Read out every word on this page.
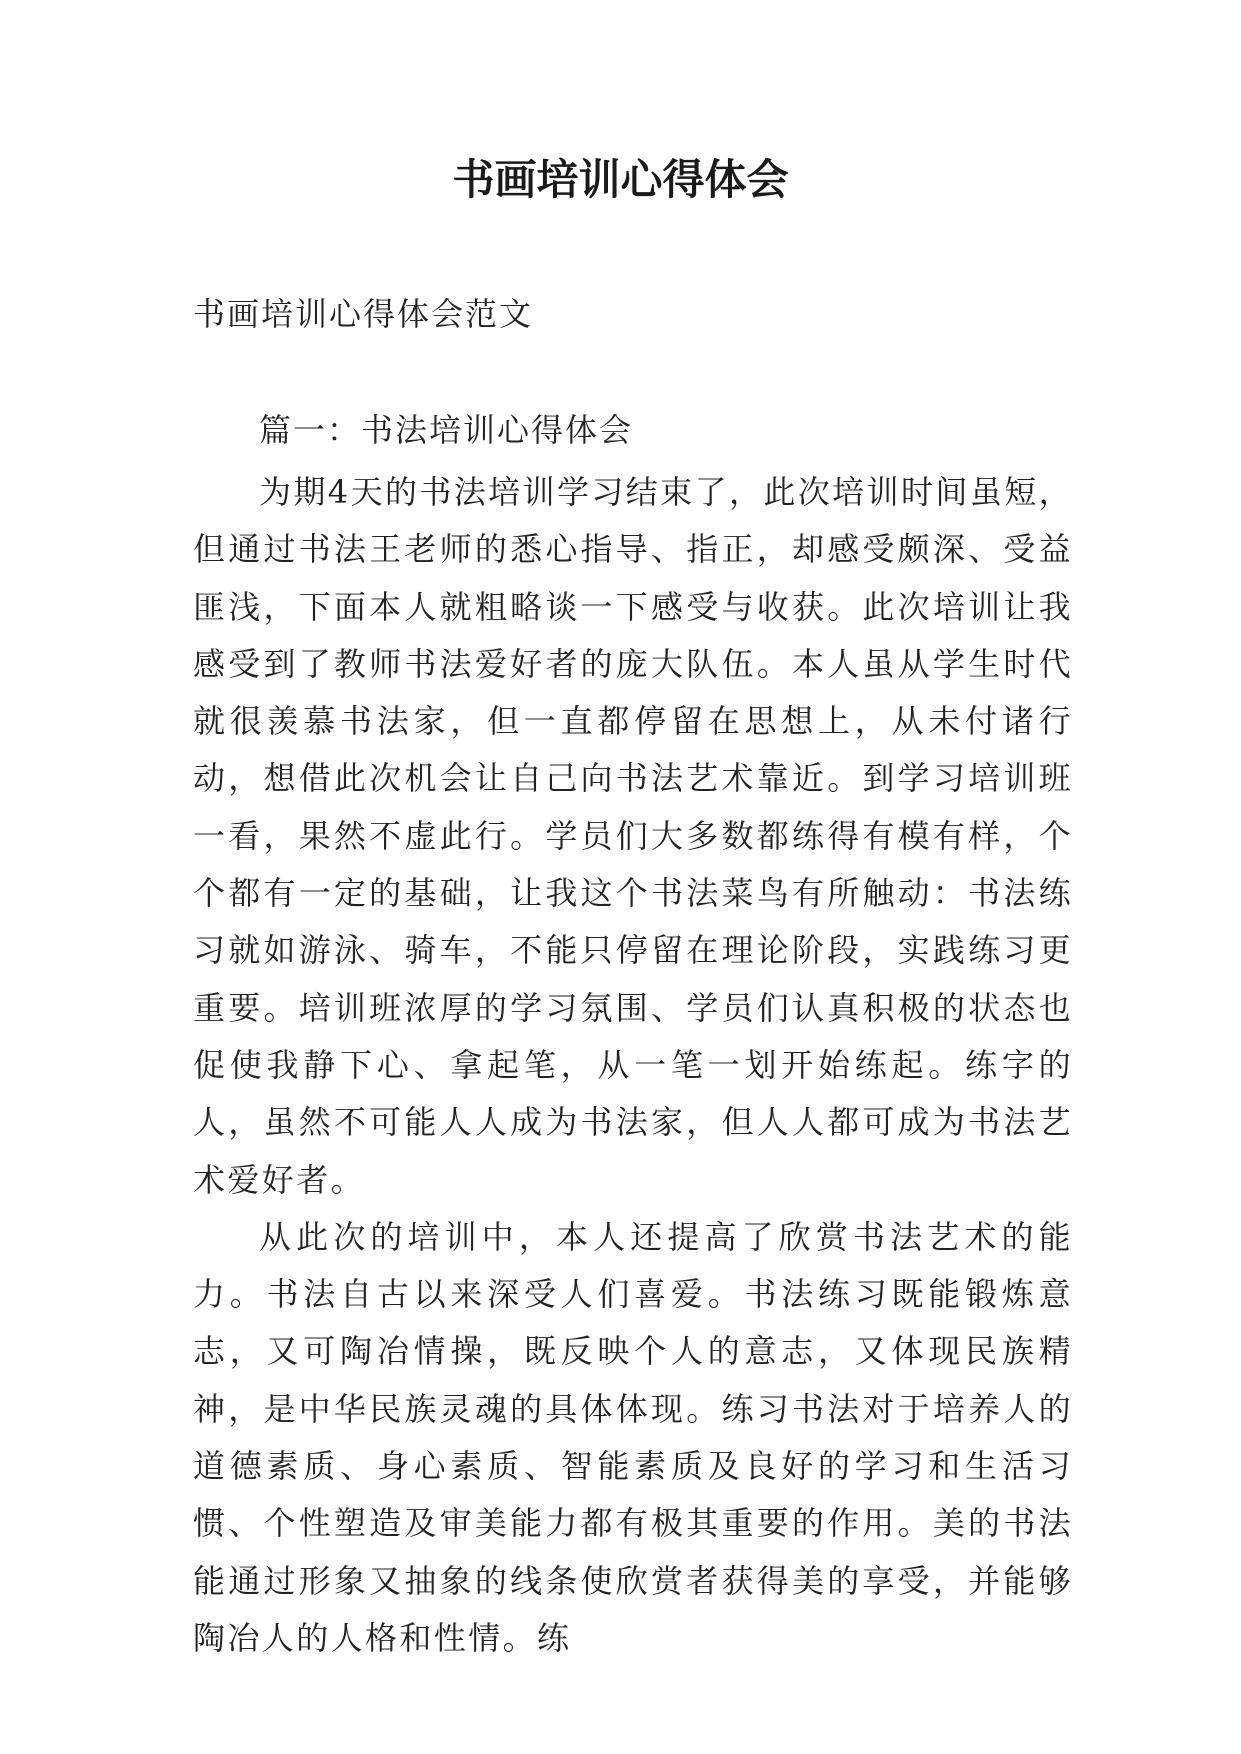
书画培训心得体会
书画培训心得体会范文
篇一：书法培训心得体会

为期4天的书法培训学习结束了，此次培训时间虽短，但通过书法王老师的悉心指导、指正，却感受颇深、受益匪浅，下面本人就粗略谈一下感受与收获。此次培训让我感受到了教师书法爱好者的庞大队伍。本人虽从学生时代就很羡慕书法家，但一直都停留在思想上，从未付诸行动，想借此次机会让自己向书法艺术靠近。到学习培训班一看，果然不虚此行。学员们大多数都练得有模有样，个个都有一定的基础，让我这个书法菜鸟有所触动：书法练习就如游泳、骑车，不能只停留在理论阶段，实践练习更重要。培训班浓厚的学习氛围、学员们认真积极的状态也促使我静下心、拿起笔，从一笔一划开始练起。练字的人，虽然不可能人人成为书法家，但人人都可成为书法艺术爱好者。

从此次的培训中，本人还提高了欣赏书法艺术的能力。书法自古以来深受人们喜爱。书法练习既能锻炼意志，又可陶冶情操，既反映个人的意志，又体现民族精神，是中华民族灵魂的具体体现。练习书法对于培养人的道德素质、身心素质、智能素质及良好的学习和生活习惯、个性塑造及审美能力都有极其重要的作用。美的书法能通过形象又抽象的线条使欣赏者获得美的享受，并能够陶冶人的人格和性情。练
